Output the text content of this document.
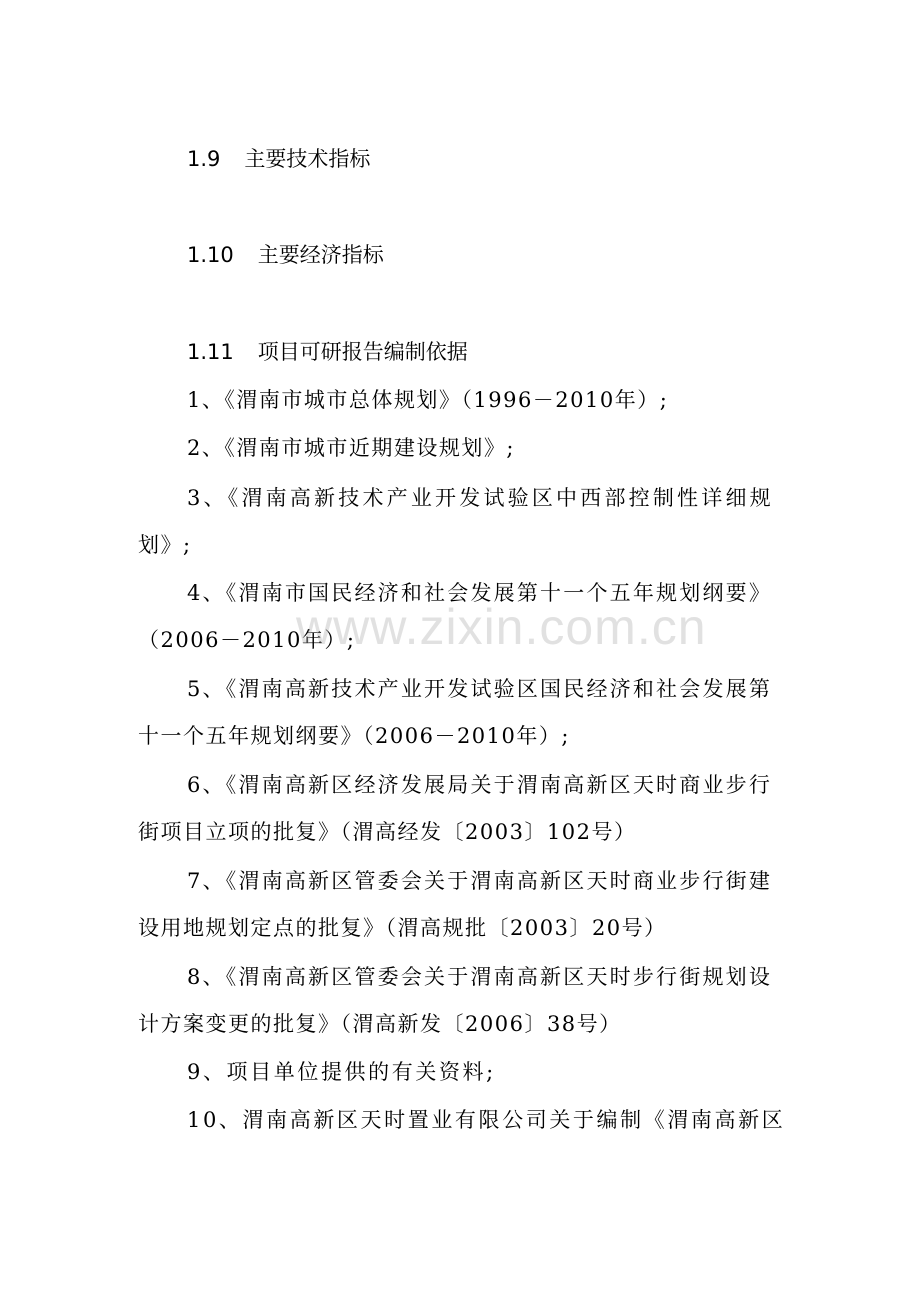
1.9 主要技术指标
1.10 主要经济指标
1.11 项目可研报告编制依据
1、《渭南市城市总体规划》（1996－2010年）;
2、《渭南市城市近期建设规划》;
3、《渭南高新技术产业开发试验区中西部控制性详细规
划》;
4、《渭南市国民经济和社会发展第十一个五年规划纲要》
（2006－2010年）;
5、《渭南高新技术产业开发试验区国民经济和社会发展第
十一个五年规划纲要》（2006－2010年）;
6、《渭南高新区经济发展局关于渭南高新区天时商业步行
街项目立项的批复》（渭高经发〔2003〕102号）
7、《渭南高新区管委会关于渭南高新区天时商业步行街建
设用地规划定点的批复》（渭高规批〔2003〕20号）
8、《渭南高新区管委会关于渭南高新区天时步行街规划设
计方案变更的批复》（渭高新发〔2006〕38号）
9、项目单位提供的有关资料;
10、渭南高新区天时置业有限公司关于编制《渭南高新区
www.zixin.com.cn
